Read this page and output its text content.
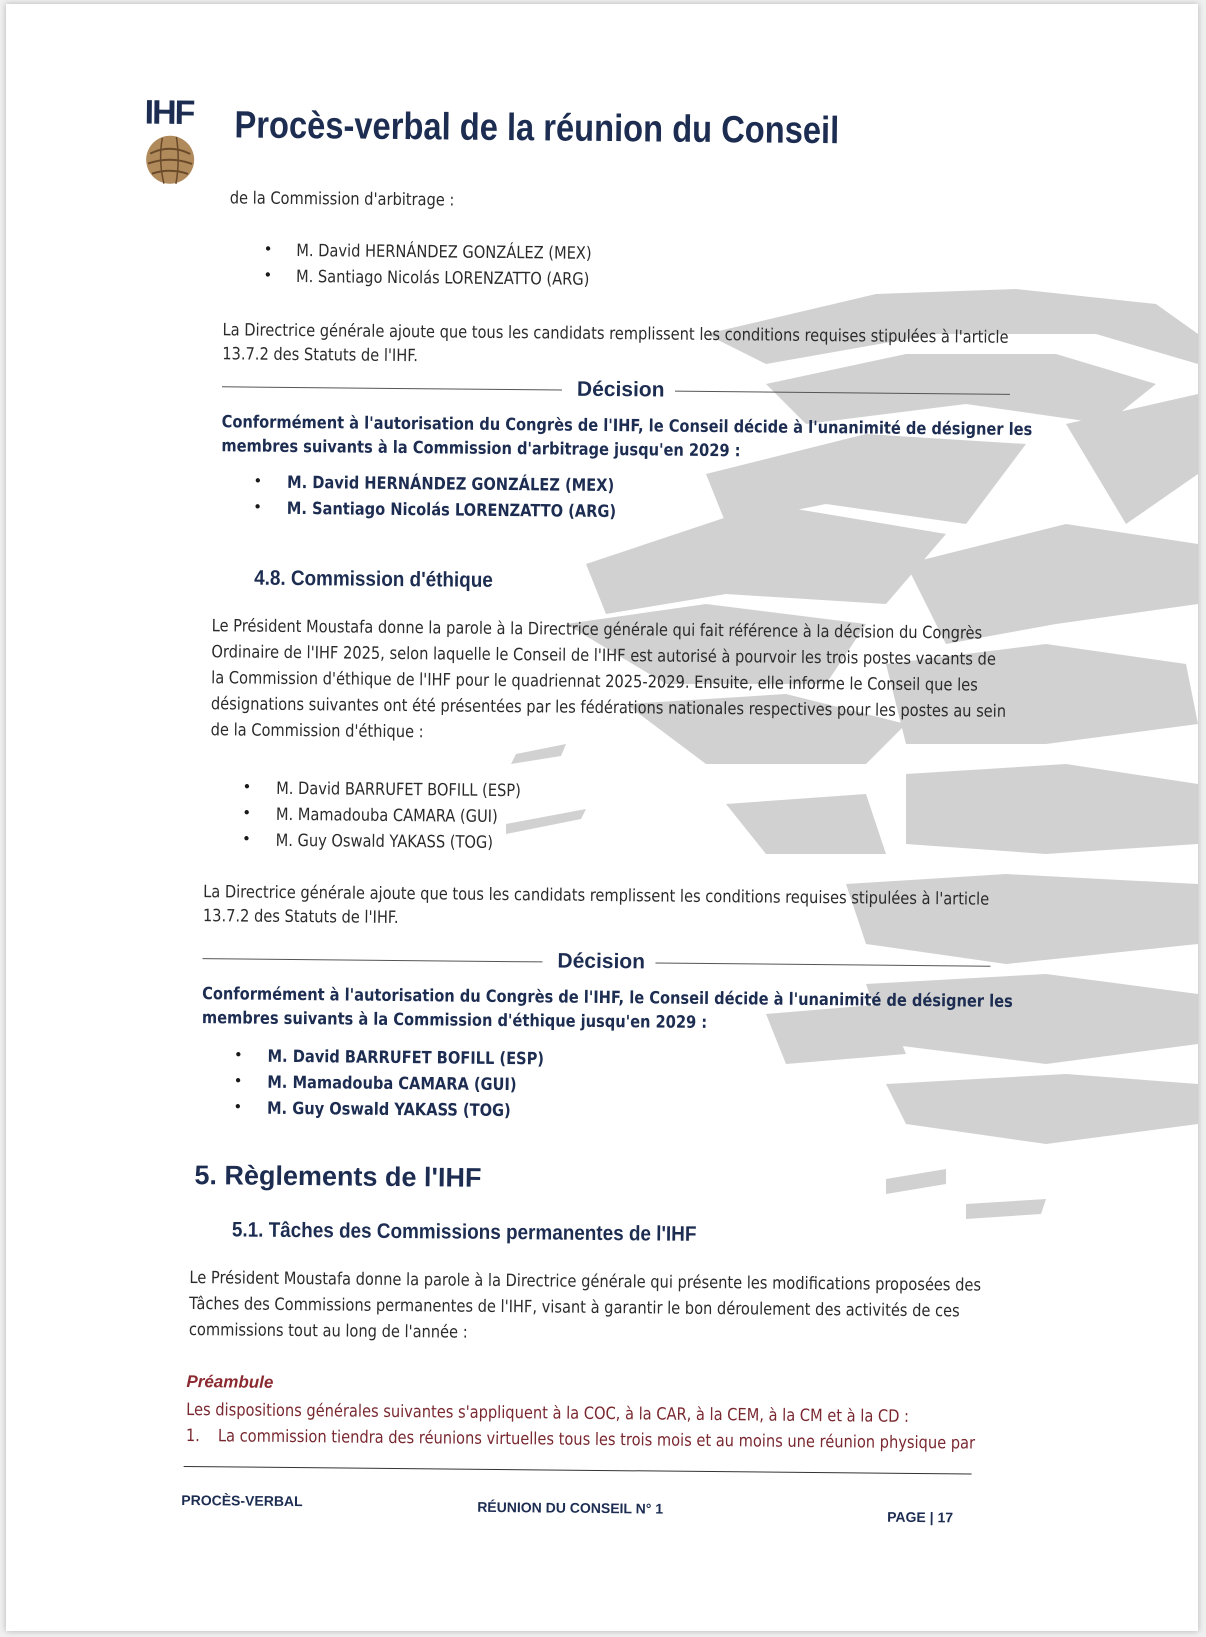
IHF Procès-verbal de la réunion du Conseil
de la Commission d'arbitrage :
• M. David HERNÁNDEZ GONZÁLEZ (MEX)
• M. Santiago Nicolás LORENZATTO (ARG)
La Directrice générale ajoute que tous les candidats remplissent les conditions requises stipulées à l'article
13.7.2 des Statuts de l'IHF.
Décision
Conformément à l'autorisation du Congrès de l'IHF, le Conseil décide à l'unanimité de désigner les
membres suivants à la Commission d'arbitrage jusqu'en 2029 :
• M. David HERNÁNDEZ GONZÁLEZ (MEX)
• M. Santiago Nicolás LORENZATTO (ARG)
4.8. Commission d'éthique
Le Président Moustafa donne la parole à la Directrice générale qui fait référence à la décision du Congrès
Ordinaire de l'IHF 2025, selon laquelle le Conseil de l'IHF est autorisé à pourvoir les trois postes vacants de
la Commission d'éthique de l'IHF pour le quadriennat 2025-2029. Ensuite, elle informe le Conseil que les
désignations suivantes ont été présentées par les fédérations nationales respectives pour les postes au sein
de la Commission d'éthique :
• M. David BARRUFET BOFILL (ESP)
• M. Mamadouba CAMARA (GUI)
• M. Guy Oswald YAKASS (TOG)
La Directrice générale ajoute que tous les candidats remplissent les conditions requises stipulées à l'article
13.7.2 des Statuts de l'IHF.
Décision
Conformément à l'autorisation du Congrès de l'IHF, le Conseil décide à l'unanimité de désigner les
membres suivants à la Commission d'éthique jusqu'en 2029 :
• M. David BARRUFET BOFILL (ESP)
• M. Mamadouba CAMARA (GUI)
• M. Guy Oswald YAKASS (TOG)
5. Règlements de l'IHF
5.1. Tâches des Commissions permanentes de l'IHF
Le Président Moustafa donne la parole à la Directrice générale qui présente les modifications proposées des
Tâches des Commissions permanentes de l'IHF, visant à garantir le bon déroulement des activités de ces
commissions tout au long de l'année :
Préambule
Les dispositions générales suivantes s'appliquent à la COC, à la CAR, à la CEM, à la CM et à la CD :
1. La commission tiendra des réunions virtuelles tous les trois mois et au moins une réunion physique par
PROCÈS-VERBAL	RÉUNION DU CONSEIL N° 1
PAGE | 17
